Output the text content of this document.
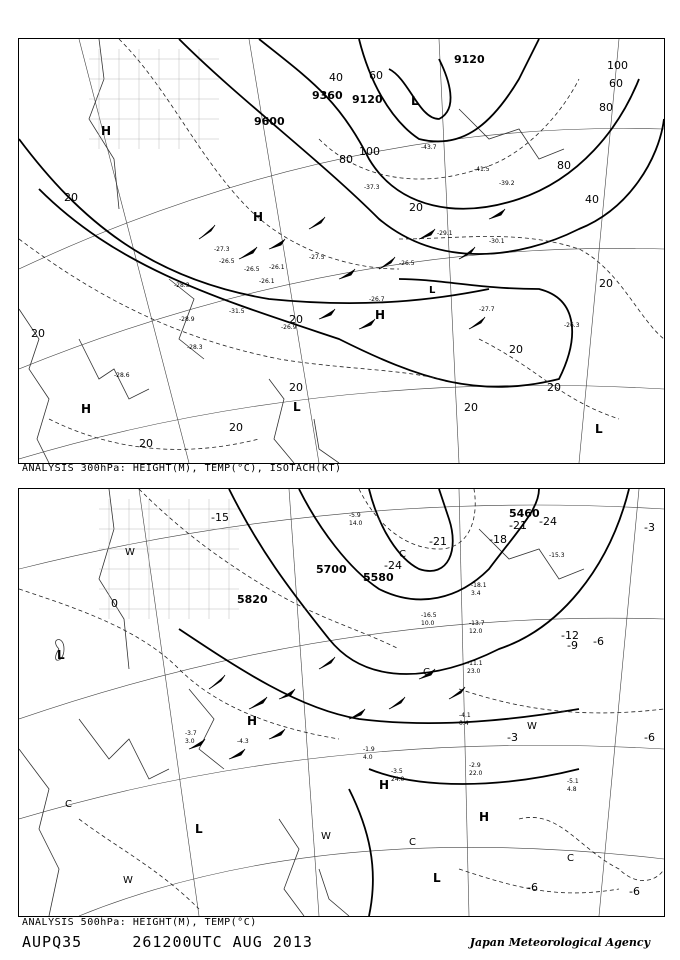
9600
9360 9120
9120
20
20
20
20
20
20
20
20
20
40 60
80	80
100
40
60
80
100
20
20
H
H
H
H
L
L
L
L
-26.5
-28.3
-27.3
-26.1
-26.5
-28.6
-28.3
-28.9
-26.7
-27.7
-26.3
-27.5
-26.1
-26.5
-29.1
-30.1
-39.2
-41.5
-43.7
-37.3
-31.5
-26.9
ANALYSIS 300hPa: HEIGHT(M), TEMP(°C), ISOTACH(KT)
5820
5700
5580
5460
-15
-21
-24
-18
-21 -24
-12
-9 -6
-3	-6
-6	-6
-3
0
H
H
H
L
L
L
C
C
C
C
C
W
W
W
W
-3.7
3.0	-4.3
-2.9
22.0
-3.5
24.0
-4.1
0.4
-11.1
23.0
-13.7
12.0
-18.1
3.4
-15.3
-5.1
4.8
-1.9
4.0
-5.9
14.0
-16.5
10.0
ANALYSIS 500hPa: HEIGHT(M), TEMP(°C)
AUPQ35	261200UTC AUG 2013	Japan Meteorological Agency
